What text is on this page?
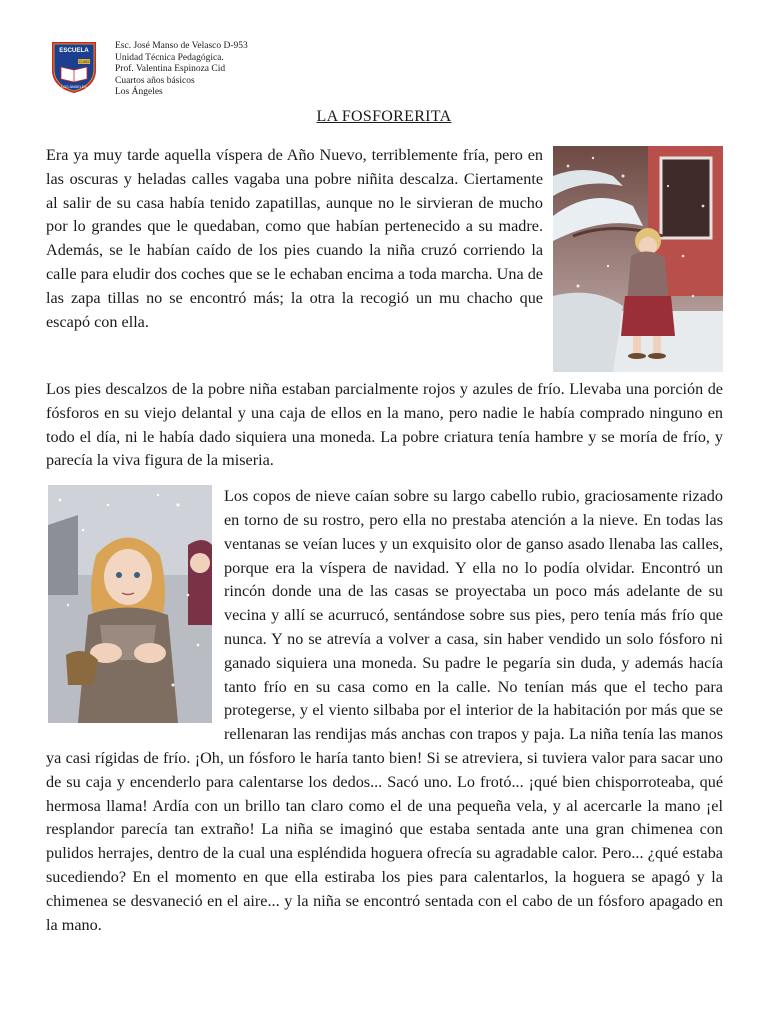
ESCUELA
D-953
LOS ÁNGELES
Esc. José Manso de Velasco D-953
Unidad Técnica Pedagógica.
Prof. Valentina Espinoza Cid
Cuartos años básicos
Los Ángeles
LA FOSFORERITA

Era ya muy tarde aquella víspera de Año Nuevo, terriblemente fría, pero en las oscuras y heladas calles vagaba una pobre niñita descalza. Ciertamente al salir de su casa había tenido zapatillas, aunque no le sirvieran de mucho por lo grandes que le quedaban, como que habían pertenecido a su madre. Además, se le habían caído de los pies cuando la niña cruzó corriendo la calle para eludir dos coches que se le echaban encima a toda marcha. Una de las zapa tillas no se encontró más; la otra la recogió un mu chacho que escapó con ella.

Los pies descalzos de la pobre niña estaban parcialmente rojos y azules de frío. Llevaba una porción de fósforos en su viejo delantal y una caja de ellos en la mano, pero nadie le había comprado ninguno en todo el día, ni le había dado siquiera una moneda. La pobre criatura tenía hambre y se moría de frío, y parecía la viva figura de la miseria.

Los copos de nieve caían sobre su largo cabello rubio, graciosamente rizado en torno de su rostro, pero ella no prestaba atención a la nieve. En todas las ventanas se veían luces y un exquisito olor de ganso asado llenaba las calles, porque era la víspera de navidad. Y ella no lo podía olvidar. Encontró un rincón donde una de las casas se proyectaba un poco más adelante de su vecina y allí se acurrucó, sentándose sobre sus pies, pero tenía más frío que nunca. Y no se atrevía a volver a casa, sin haber vendido un solo fósforo ni ganado siquiera una moneda. Su padre le pegaría sin duda, y además hacía tanto frío en su casa como en la calle. No tenían más que el techo para protegerse, y el viento silbaba por el interior de la habitación por más que se rellenaran las rendijas más anchas con trapos y paja. La niña tenía las manos ya casi rígidas de frío. ¡Oh, un fósforo le haría tanto bien! Si se atreviera, si tuviera valor para sacar uno de su caja y encenderlo para calentarse los dedos... Sacó uno. Lo frotó... ¡qué bien chisporroteaba, qué hermosa llama! Ardía con un brillo tan claro como el de una pequeña vela, y al acercarle la mano ¡el resplandor parecía tan extraño! La niña se imaginó que estaba sentada ante una gran chimenea con pulidos herrajes, dentro de la cual una espléndida hoguera ofrecía su agradable calor. Pero... ¿qué estaba sucediendo? En el momento en que ella estiraba los pies para calentarlos, la hoguera se apagó y la chimenea se desvaneció en el aire... y la niña se encontró sentada con el cabo de un fósforo apagado en la mano.
